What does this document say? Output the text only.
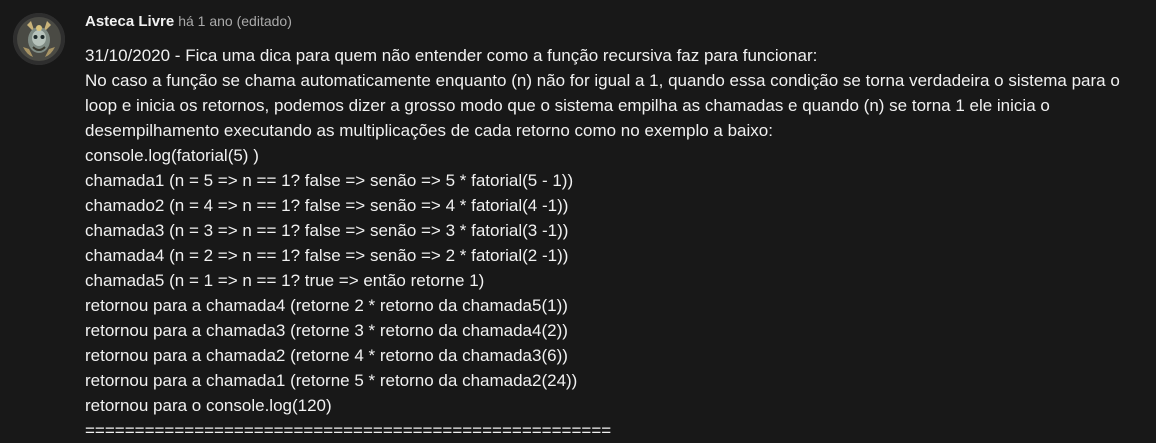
Asteca Livre há 1 ano (editado)
31/10/2020 - Fica uma dica para quem não entender como a função recursiva faz para funcionar:
No caso a função se chama automaticamente enquanto (n) não for igual a 1, quando essa condição se torna verdadeira o sistema para o loop e inicia os retornos, podemos dizer a grosso modo que o sistema empilha as chamadas e quando (n) se torna 1 ele inicia o desempilhamento executando as multiplicações de cada retorno como no exemplo a baixo:
console.log(fatorial(5) )
chamada1 (n = 5 => n == 1? false => senão => 5 * fatorial(5 - 1))
chamado2 (n = 4 => n == 1? false => senão => 4 * fatorial(4 -1))
chamada3 (n = 3 => n == 1? false => senão => 3 * fatorial(3 -1))
chamada4 (n = 2 => n == 1? false => senão => 2 * fatorial(2 -1))
chamada5 (n = 1 => n == 1? true => então retorne 1)
retornou para a chamada4 (retorne 2 * retorno da chamada5(1))
retornou para a chamada3 (retorne 3 * retorno da chamada4(2))
retornou para a chamada2 (retorne 4 * retorno da chamada3(6))
retornou para a chamada1 (retorne 5 * retorno da chamada2(24))
retornou para o console.log(120)
=====================================================
